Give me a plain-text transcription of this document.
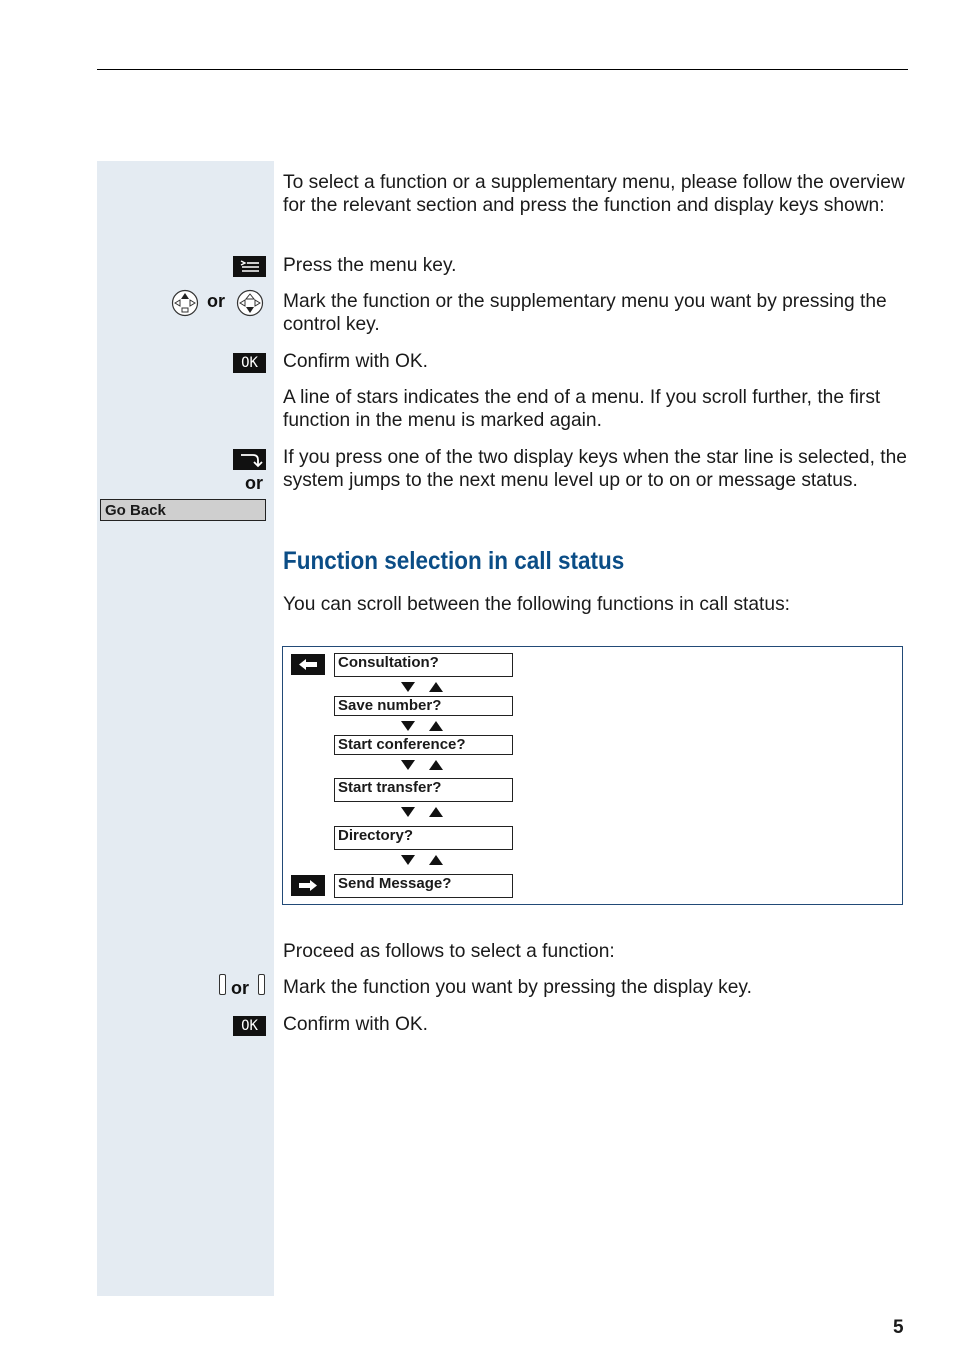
To select a function or a supplementary menu, please follow the overview for the relevant section and press the function and display keys shown:
Press the menu key.
or	Mark the function or the supplementary menu you want by pressing the control key.
OK	Confirm with OK.
A line of stars indicates the end of a menu. If you scroll further, the first function in the menu is marked again.
or
Go Back
If you press one of the two display keys when the star line is selected, the system jumps to the next menu level up or to on or message status.
Function selection in call status
You can scroll between the following functions in call status:
Consultation?
Save number?
Start conference?
Start transfer?
Directory?
Send Message?
Proceed as follows to select a function:
or Mark the function you want by pressing the display key.
OK	Confirm with OK.
5
